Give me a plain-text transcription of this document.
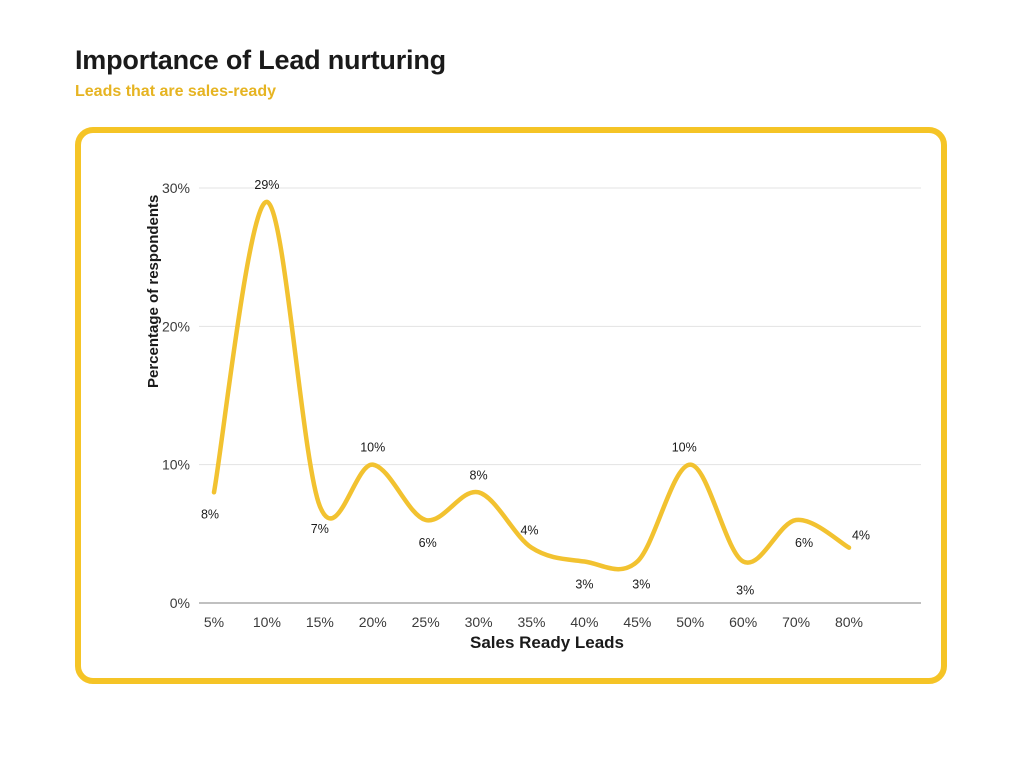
Importance of Lead nurturing

Leads that are sales-ready

Percentage of respondents
0%
10%
20%
30%
5% 10% 15% 20% 25% 30% 35% 40% 45% 50% 60% 70% 80%
8%
29%
7%
10%
6%
8%
4%
3%	3%
10%
3%
6%
4%
Sales Ready Leads
